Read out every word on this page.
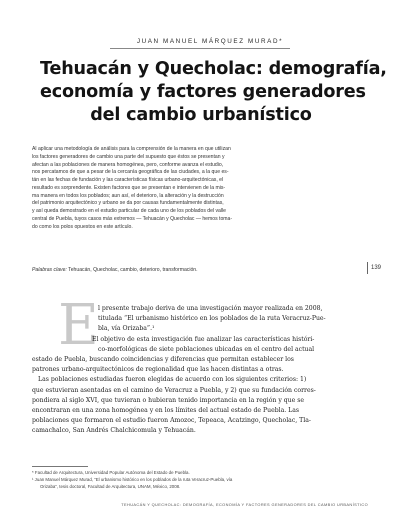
JUAN MANUEL MÁRQUEZ MURAD*
Tehuacán y Quecholac: demografía,
economía y factores generadores
del cambio urbanístico
Al aplicar una metodología de análisis para la comprensión de la manera en que utilizan
los factores generadores de cambio una parte del supuesto que éstos se presentan y
afectan a las poblaciones de manera homogénea, pero, conforme avanza el estudio,
nos percatamos de que a pesar de la cercanía geográfica de las ciudades, a la que es-
tán en las fechas de fundación y las características físicas urbano-arquitectónicas, el
resultado es sorprendente. Existen factores que se presentan e intervienen de la mis-
ma manera en todos los poblados; aun así, el deterioro, la alteración y la destrucción
del patrimonio arquitectónico y urbano se da por causas fundamentalmente distintas,
y así queda demostrado en el estudio particular de cada uno de los poblados del valle
central de Puebla, tuyos casos más extremos — Tehuacán y Quecholac — hemos toma-
do como los polos opuestos en este artículo.
Palabras clave: Tehuacán, Quecholac, cambio, deterioro, transformación.	139
E l presente trabajo deriva de una investigación mayor realizada en 2008,
titulada “El urbanismo histórico en los poblados de la ruta Veracruz-Pue-
bla, vía Orizaba”.¹
El objetivo de esta investigación fue analizar las características históri-
co-morfológicas de siete poblaciones ubicadas en el centro del actual
estado de Puebla, buscando coincidencias y diferencias que permitan establecer los
patrones urbano-arquitectónicos de regionalidad que las hacen distintas a otras.
Las poblaciones estudiadas fueron elegidas de acuerdo con los siguientes criterios: 1)
que estuvieran asentadas en el camino de Veracruz a Puebla, y 2) que su fundación corres-
pondiera al siglo XVI, que tuvieran o hubieran tenido importancia en la región y que se
encontraran en una zona homogénea y en los límites del actual estado de Puebla. Las
poblaciones que formaron el estudio fueron Amozoc, Tepeaca, Acatzingo, Quecholac, Tla-
camachalco, San Andrés Chalchicomula y Tehuacán.
* Facultad de Arquitectura, Universidad Popular Autónoma del Estado de Puebla.
¹ Juan Manuel Márquez Murad, “El urbanismo histórico en los poblados de la ruta Veracruz-Puebla, vía
Orizaba”, tesis doctoral, Facultad de Arquitectura, UNAM, México, 2008.
TEHUACÁN Y QUECHOLAC: DEMOGRAFÍA, ECONOMÍA Y FACTORES GENERADORES DEL CAMBIO URBANÍSTICO
